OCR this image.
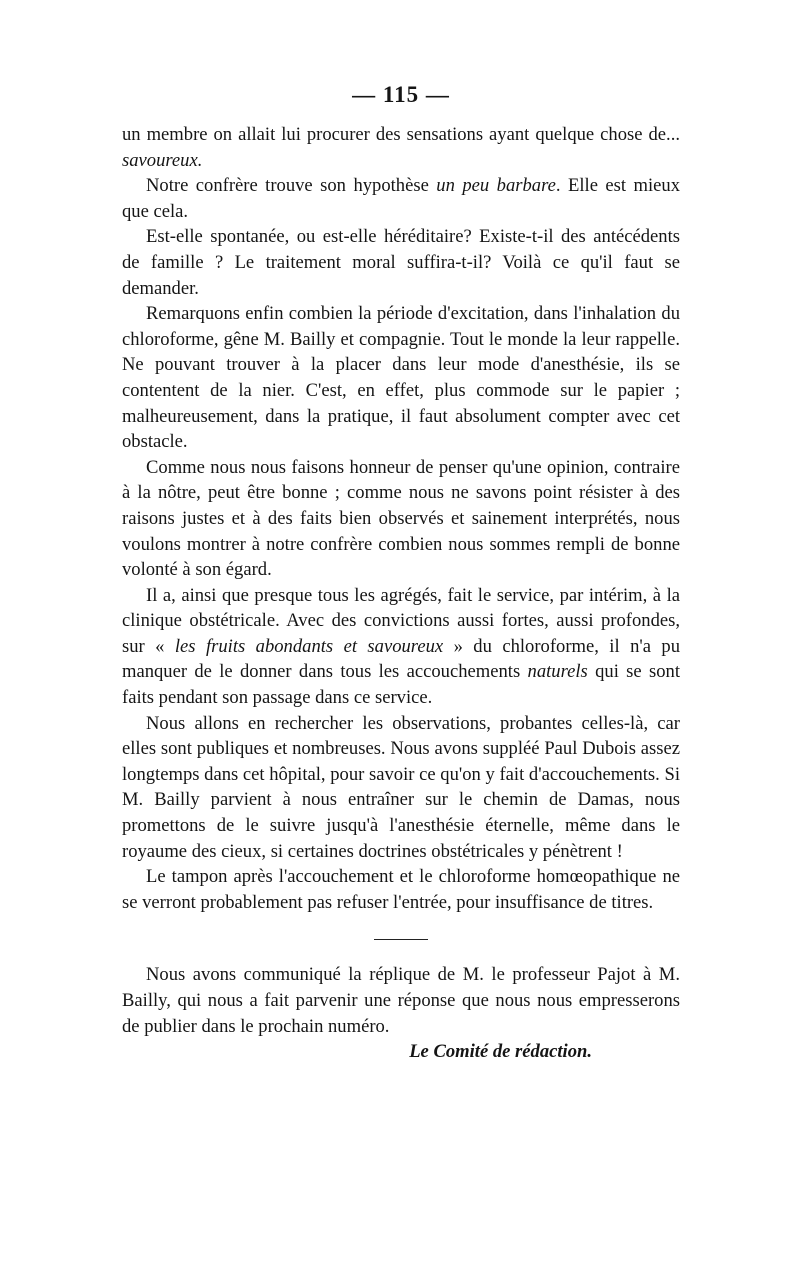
— 115 —

un membre on allait lui procurer des sensations ayant quelque chose de... savoureux.

Notre confrère trouve son hypothèse un peu barbare. Elle est mieux que cela.

Est-elle spontanée, ou est-elle héréditaire? Existe-t-il des antécédents de famille ? Le traitement moral suffira-t-il? Voilà ce qu'il faut se demander.

Remarquons enfin combien la période d'excitation, dans l'inhalation du chloroforme, gêne M. Bailly et compagnie. Tout le monde la leur rappelle. Ne pouvant trouver à la placer dans leur mode d'anesthésie, ils se contentent de la nier. C'est, en effet, plus commode sur le papier ; malheureusement, dans la pratique, il faut absolument compter avec cet obstacle.

Comme nous nous faisons honneur de penser qu'une opinion, contraire à la nôtre, peut être bonne ; comme nous ne savons point résister à des raisons justes et à des faits bien observés et sainement interprétés, nous voulons montrer à notre confrère combien nous sommes rempli de bonne volonté à son égard.

Il a, ainsi que presque tous les agrégés, fait le service, par intérim, à la clinique obstétricale. Avec des convictions aussi fortes, aussi profondes, sur « les fruits abondants et savoureux » du chloroforme, il n'a pu manquer de le donner dans tous les accouchements naturels qui se sont faits pendant son passage dans ce service.

Nous allons en rechercher les observations, probantes celles-là, car elles sont publiques et nombreuses. Nous avons suppléé Paul Dubois assez longtemps dans cet hôpital, pour savoir ce qu'on y fait d'accouchements. Si M. Bailly parvient à nous entraîner sur le chemin de Damas, nous promettons de le suivre jusqu'à l'anesthésie éternelle, même dans le royaume des cieux, si certaines doctrines obstétricales y pénètrent !

Le tampon après l'accouchement et le chloroforme homœopathique ne se verront probablement pas refuser l'entrée, pour insuffisance de titres.

Nous avons communiqué la réplique de M. le professeur Pajot à M. Bailly, qui nous a fait parvenir une réponse que nous nous empresserons de publier dans le prochain numéro.

Le Comité de rédaction.
